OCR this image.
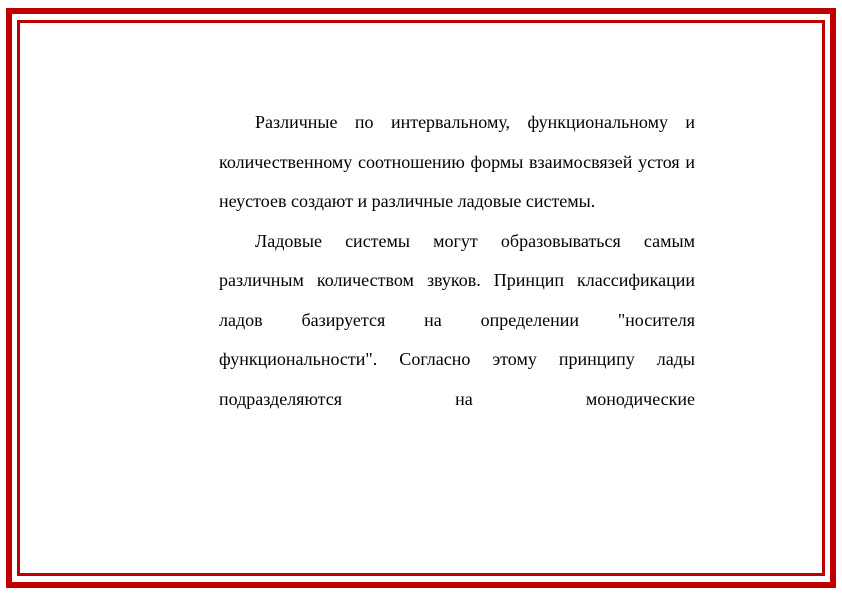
Различные по интервальному, функциональному и количественному соотношению формы взаимосвязей устоя и неустоев создают и различные ладовые системы.

Ладовые системы могут образовываться самым различным количеством звуков. Принцип классификации ладов базируется на определении "носителя функциональности". Согласно этому принципу лады подразделяются на монодические
